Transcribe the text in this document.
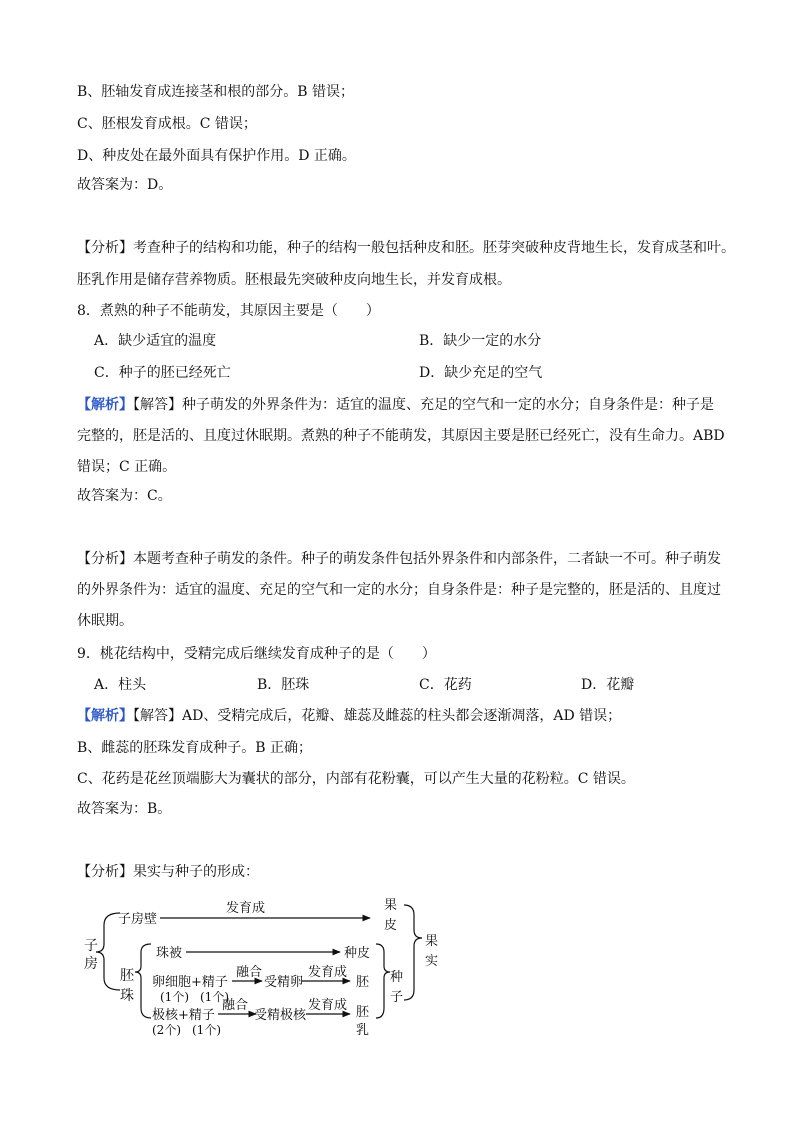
B、胚轴发育成连接茎和根的部分。B 错误；
C、胚根发育成根。C 错误；
D、种皮处在最外面具有保护作用。D 正确。
故答案为：D。
【分析】考查种子的结构和功能，种子的结构一般包括种皮和胚。胚芽突破种皮背地生长，发育成茎和叶。
胚乳作用是储存营养物质。胚根最先突破种皮向地生长，并发育成根。
8．煮熟的种子不能萌发，其原因主要是（　　）
A．缺少适宜的温度	B．缺少一定的水分
C．种子的胚已经死亡	D．缺少充足的空气
【解析】【解答】种子萌发的外界条件为：适宜的温度、充足的空气和一定的水分；自身条件是：种子是
完整的，胚是活的、且度过休眠期。煮熟的种子不能萌发，其原因主要是胚已经死亡，没有生命力。ABD
错误；C 正确。
故答案为：C。
【分析】本题考查种子萌发的条件。种子的萌发条件包括外界条件和内部条件，二者缺一不可。种子萌发
的外界条件为：适宜的温度、充足的空气和一定的水分；自身条件是：种子是完整的，胚是活的、且度过
休眠期。
9．桃花结构中，受精完成后继续发育成种子的是（　　）
A．柱头	B．胚珠	C．花药	D．花瓣
【解析】【解答】AD、受精完成后，花瓣、雄蕊及雌蕊的柱头都会逐渐凋落，AD 错误；
B、雌蕊的胚珠发育成种子。B 正确；
C、花药是花丝顶端膨大为囊状的部分，内部有花粉囊，可以产生大量的花粉粒。C 错误。
故答案为：B。
【分析】果实与种子的形成：
子
房
子房壁
发育成	果
皮
果
实
胚
珠
珠被	种皮
卵细胞+精子
(1个) (1个)
融合
受精卵
发育成
胚 种
子
极核+精子
(2个) (1个)
融合
受精极核
发育成 胚
乳
